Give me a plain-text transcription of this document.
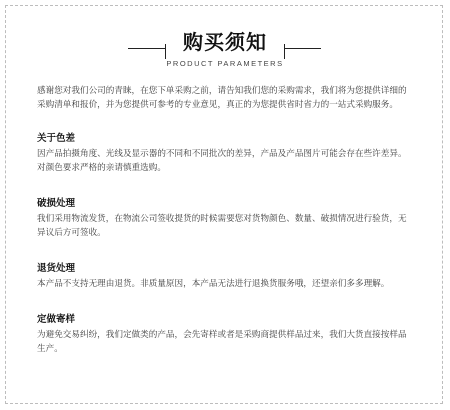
购买须知
PRODUCT PARAMETERS

感谢您对我们公司的青睐，在您下单采购之前，请告知我们您的采购需求，我们将为您提供详细的采购清单和报价，并为您提供可参考的专业意见，真正的为您提供省时省力的一站式采购服务。

关于色差

因产品拍摄角度、光线及显示器的不同和不同批次的差异，产品及产品图片可能会存在些许差异。对颜色要求严格的亲请慎重选购。

破损处理

我们采用物流发货，在物流公司签收提货的时候需要您对货物颜色、数量、破损情况进行验货，无异议后方可签收。

退货处理

本产品不支持无理由退货。非质量原因，本产品无法进行退换货服务哦，还望亲们多多理解。

定做寄样

为避免交易纠纷，我们定做类的产品，会先寄样或者是采购商提供样品过来，我们大货直接按样品生产。
